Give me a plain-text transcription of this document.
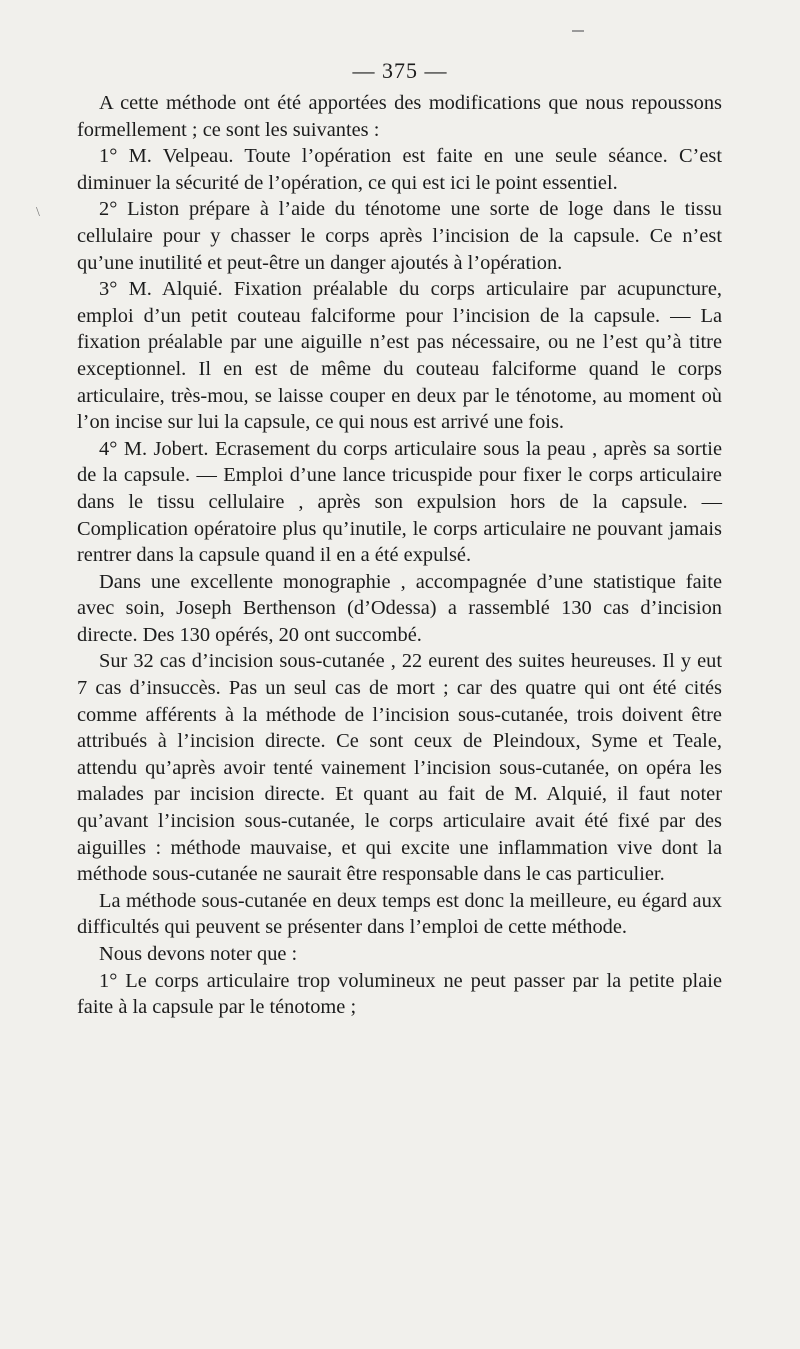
— 375 —
\

A cette méthode ont été apportées des modifications que nous repoussons formellement ; ce sont les suivantes :

1° M. Velpeau. Toute l’opération est faite en une seule séance. C’est diminuer la sécurité de l’opération, ce qui est ici le point essentiel.

2° Liston prépare à l’aide du ténotome une sorte de loge dans le tissu cellulaire pour y chasser le corps après l’incision de la capsule. Ce n’est qu’une inutilité et peut-être un danger ajoutés à l’opération.

3° M. Alquié. Fixation préalable du corps articulaire par acupuncture, emploi d’un petit couteau falciforme pour l’incision de la capsule. — La fixation préalable par une aiguille n’est pas nécessaire, ou ne l’est qu’à titre exceptionnel. Il en est de même du couteau falciforme quand le corps articulaire, très-mou, se laisse couper en deux par le ténotome, au moment où l’on incise sur lui la capsule, ce qui nous est arrivé une fois.

4° M. Jobert. Ecrasement du corps articulaire sous la peau , après sa sortie de la capsule. — Emploi d’une lance tricuspide pour fixer le corps articulaire dans le tissu cellulaire , après son expulsion hors de la capsule. — Complication opératoire plus qu’inutile, le corps articulaire ne pouvant jamais rentrer dans la capsule quand il en a été expulsé.

Dans une excellente monographie , accompagnée d’une statistique faite avec soin, Joseph Berthenson (d’Odessa) a rassemblé 130 cas d’incision directe. Des 130 opérés, 20 ont succombé.

Sur 32 cas d’incision sous-cutanée , 22 eurent des suites heureuses. Il y eut 7 cas d’insuccès. Pas un seul cas de mort ; car des quatre qui ont été cités comme afférents à la méthode de l’incision sous-cutanée, trois doivent être attribués à l’incision directe. Ce sont ceux de Pleindoux, Syme et Teale, attendu qu’après avoir tenté vainement l’incision sous-cutanée, on opéra les malades par incision directe. Et quant au fait de M. Alquié, il faut noter qu’avant l’incision sous-cutanée, le corps articulaire avait été fixé par des aiguilles : méthode mauvaise, et qui excite une inflammation vive dont la méthode sous-cutanée ne saurait être responsable dans le cas particulier.

La méthode sous-cutanée en deux temps est donc la meilleure, eu égard aux difficultés qui peuvent se présenter dans l’emploi de cette méthode.

Nous devons noter que :

1° Le corps articulaire trop volumineux ne peut passer par la petite plaie faite à la capsule par le ténotome ;
